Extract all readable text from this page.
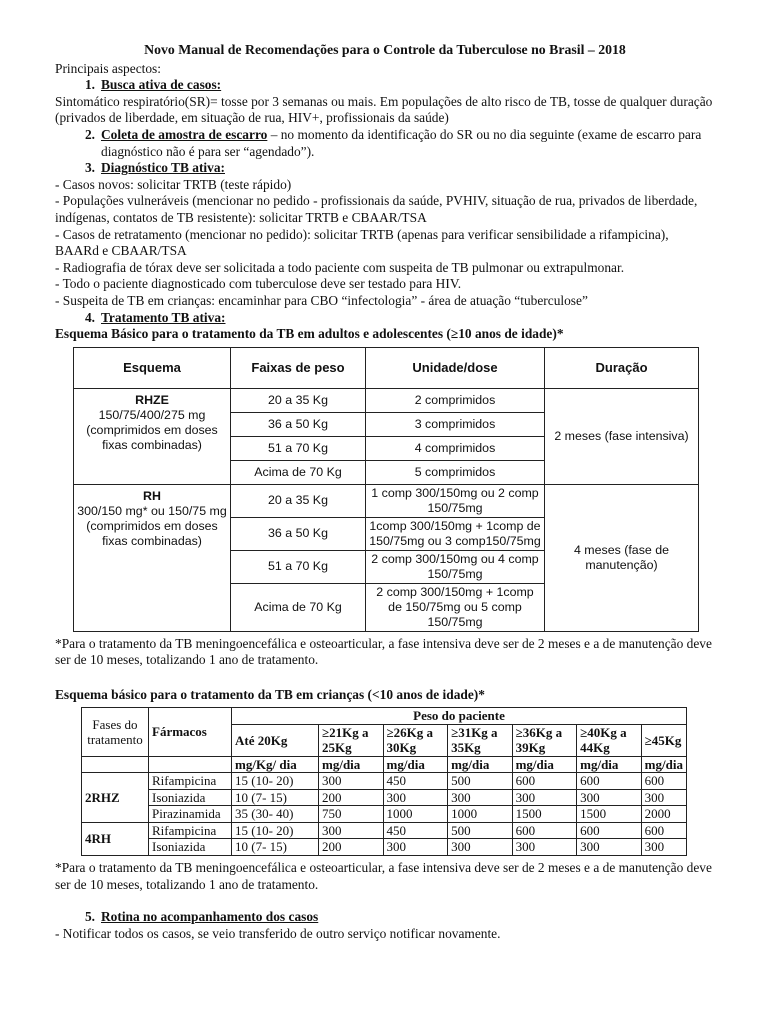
Novo Manual de Recomendações para o Controle da Tuberculose no Brasil – 2018

Principais aspectos:

1. Busca ativa de casos:

Sintomático respiratório(SR)= tosse por 3 semanas ou mais. Em populações de alto risco de TB, tosse de qualquer duração (privados de liberdade, em situação de rua, HIV+, profissionais da saúde)

2. Coleta de amostra de escarro – no momento da identificação do SR ou no dia seguinte (exame de escarro para diagnóstico não é para ser “agendado”).

3. Diagnóstico TB ativa:

- Casos novos: solicitar TRTB (teste rápido)

- Populações vulneráveis (mencionar no pedido - profissionais da saúde, PVHIV, situação de rua, privados de liberdade, indígenas, contatos de TB resistente): solicitar TRTB e CBAAR/TSA

- Casos de retratamento (mencionar no pedido): solicitar TRTB (apenas para verificar sensibilidade a rifampicina), BAARd e CBAAR/TSA

- Radiografia de tórax deve ser solicitada a todo paciente com suspeita de TB pulmonar ou extrapulmonar.

- Todo o paciente diagnosticado com tuberculose deve ser testado para HIV.

- Suspeita de TB em crianças: encaminhar para CBO “infectologia” - área de atuação “tuberculose”

4. Tratamento TB ativa:

Esquema Básico para o tratamento da TB em adultos e adolescentes (≥10 anos de idade)*

Esquema	Faixas de peso	Unidade/dose	Duração

RHZE
150/75/400/275 mg (comprimidos em doses fixas combinadas)	20 a 35 Kg	2 comprimidos	2 meses (fase intensiva)
	36 a 50 Kg	3 comprimidos	
	51 a 70 Kg	4 comprimidos	
	Acima de 70 Kg	5 comprimidos	

RH
300/150 mg* ou 150/75 mg (comprimidos em doses fixas combinadas)	20 a 35 Kg	1 comp 300/150mg ou 2 comp 150/75mg	4 meses (fase de manutenção)
	36 a 50 Kg	1comp 300/150mg + 1comp de 150/75mg ou 3 comp150/75mg	
	51 a 70 Kg	2 comp 300/150mg ou 4 comp 150/75mg	
	Acima de 70 Kg	2 comp 300/150mg + 1comp de 150/75mg ou 5 comp 150/75mg	

*Para o tratamento da TB meningoencefálica e osteoarticular, a fase intensiva deve ser de 2 meses e a de manutenção deve ser de 10 meses, totalizando 1 ano de tratamento.

Esquema básico para o tratamento da TB em crianças (<10 anos de idade)*

Fases do tratamento	Fármacos	Peso do paciente						
		Até 20Kg	≥21Kg a 25Kg	≥26Kg a 30Kg	≥31Kg a 35Kg	≥36Kg a 39Kg	≥40Kg a 44Kg	≥45Kg
		mg/Kg/ dia	mg/dia	mg/dia	mg/dia	mg/dia	mg/dia	mg/dia
2RHZ	Rifampicina	15 (10- 20)	300	450	500	600	600	600
	Isoniazida	10 (7- 15)	200	300	300	300	300	300
	Pirazinamida	35 (30- 40)	750	1000	1000	1500	1500	2000
4RH	Rifampicina	15 (10- 20)	300	450	500	600	600	600
	Isoniazida	10 (7- 15)	200	300	300	300	300	300

*Para o tratamento da TB meningoencefálica e osteoarticular, a fase intensiva deve ser de 2 meses e a de manutenção deve ser de 10 meses, totalizando 1 ano de tratamento.

5. Rotina no acompanhamento dos casos

- Notificar todos os casos, se veio transferido de outro serviço notificar novamente.
